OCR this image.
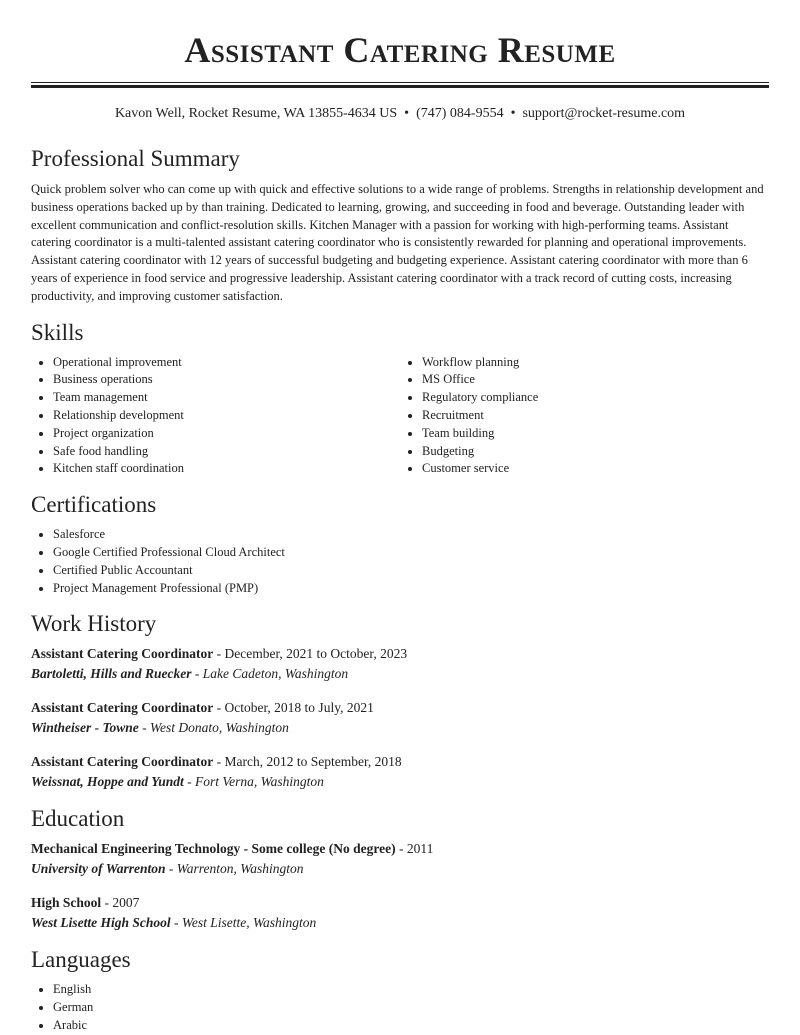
Assistant Catering Resume
Kavon Well, Rocket Resume, WA 13855-4634 US • (747) 084-9554 • support@rocket-resume.com
Professional Summary

Quick problem solver who can come up with quick and effective solutions to a wide range of problems. Strengths in relationship development and business operations backed up by than training. Dedicated to learning, growing, and succeeding in food and beverage. Outstanding leader with excellent communication and conflict-resolution skills. Kitchen Manager with a passion for working with high-performing teams. Assistant catering coordinator is a multi-talented assistant catering coordinator who is consistently rewarded for planning and operational improvements. Assistant catering coordinator with 12 years of successful budgeting and budgeting experience. Assistant catering coordinator with more than 6 years of experience in food service and progressive leadership. Assistant catering coordinator with a track record of cutting costs, increasing productivity, and improving customer satisfaction.

Skills
• Operational improvement
• Business operations
• Team management
• Relationship development
• Project organization
• Safe food handling
• Kitchen staff coordination
• Workflow planning
• MS Office
• Regulatory compliance
• Recruitment
• Team building
• Budgeting
• Customer service
Certifications
• Salesforce
• Google Certified Professional Cloud Architect
• Certified Public Accountant
• Project Management Professional (PMP)
Work History
Assistant Catering Coordinator - December, 2021 to October, 2023
Bartoletti, Hills and Ruecker - Lake Cadeton, Washington
Assistant Catering Coordinator - October, 2018 to July, 2021
Wintheiser - Towne - West Donato, Washington
Assistant Catering Coordinator - March, 2012 to September, 2018
Weissnat, Hoppe and Yundt - Fort Verna, Washington
Education
Mechanical Engineering Technology - Some college (No degree) - 2011
University of Warrenton - Warrenton, Washington
High School - 2007
West Lisette High School - West Lisette, Washington
Languages
• English
• German
• Arabic
